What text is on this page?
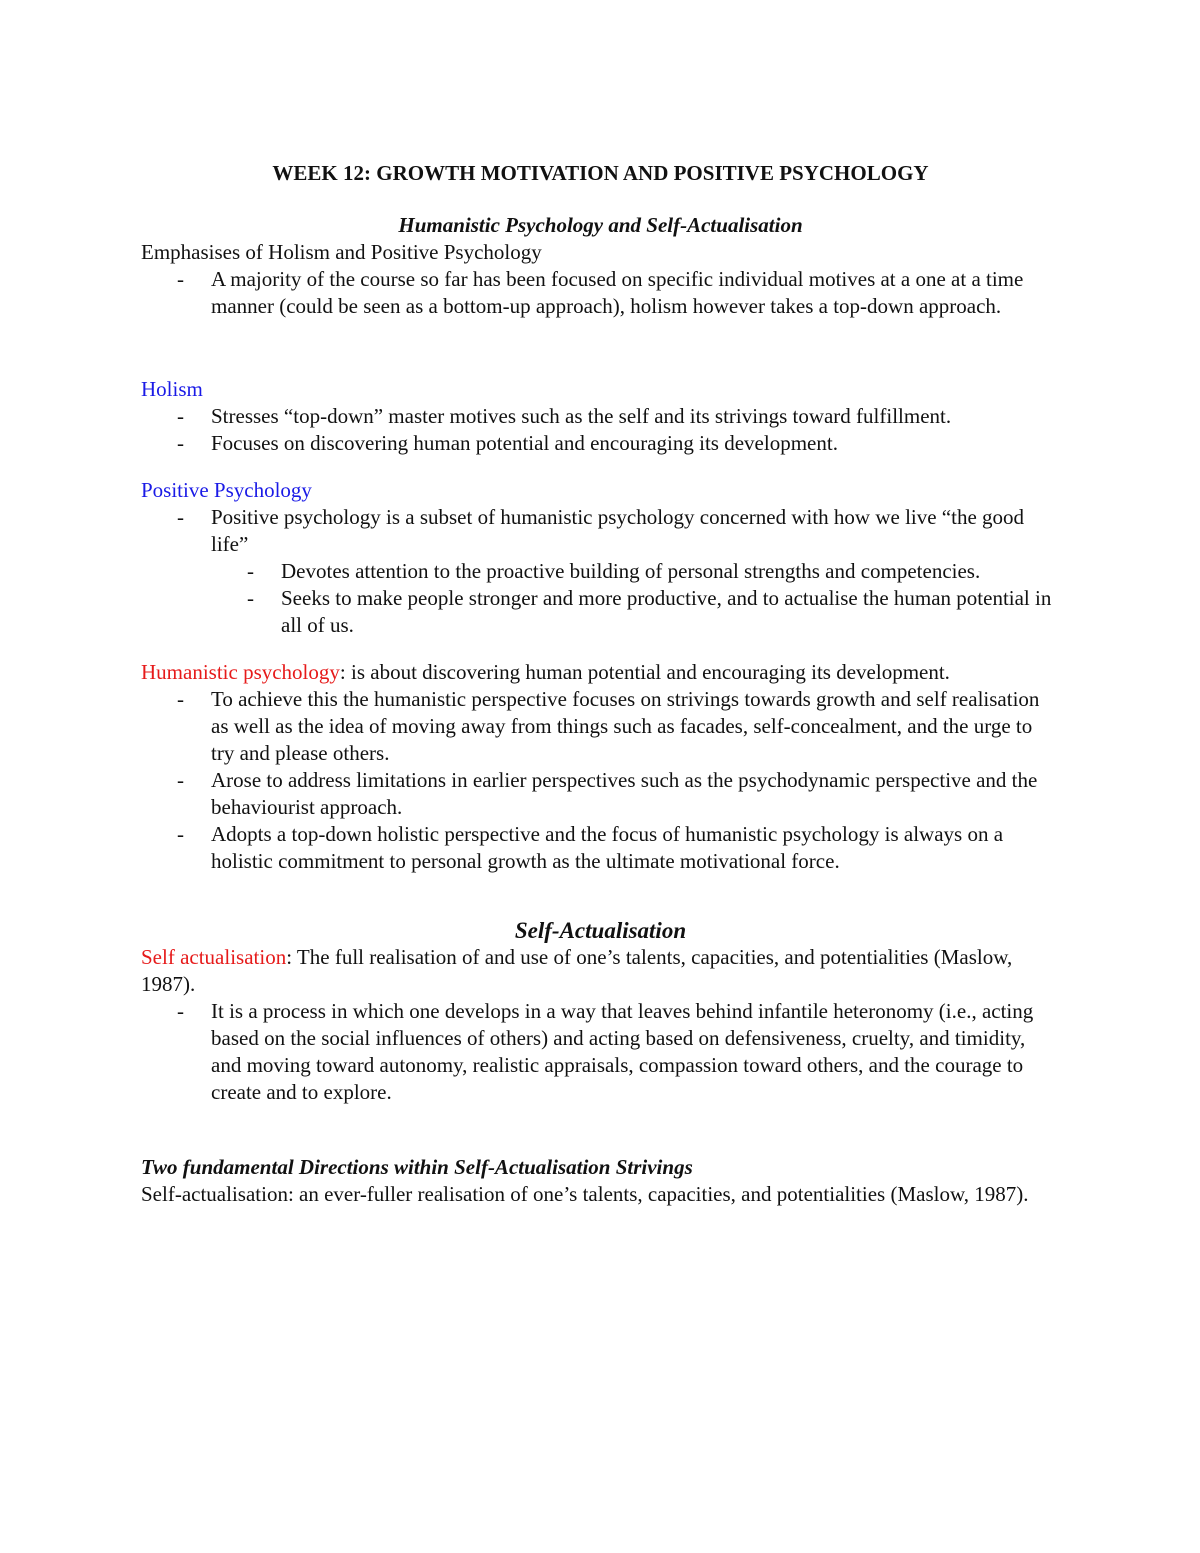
WEEK 12: GROWTH MOTIVATION AND POSITIVE PSYCHOLOGY

Humanistic Psychology and Self-Actualisation

Emphasises of Holism and Positive Psychology

- A majority of the course so far has been focused on specific individual motives at a one at a time manner (could be seen as a bottom-up approach), holism however takes a top-down approach.

Holism

- Stresses “top-down” master motives such as the self and its strivings toward fulfillment.
- Focuses on discovering human potential and encouraging its development.

Positive Psychology

- Positive psychology is a subset of humanistic psychology concerned with how we live “the good life”
- Devotes attention to the proactive building of personal strengths and competencies.
- Seeks to make people stronger and more productive, and to actualise the human potential in all of us.

Humanistic psychology: is about discovering human potential and encouraging its development.

- To achieve this the humanistic perspective focuses on strivings towards growth and self realisation as well as the idea of moving away from things such as facades, self-concealment, and the urge to try and please others.
- Arose to address limitations in earlier perspectives such as the psychodynamic perspective and the behaviourist approach.
- Adopts a top-down holistic perspective and the focus of humanistic psychology is always on a holistic commitment to personal growth as the ultimate motivational force.

Self-Actualisation

Self actualisation: The full realisation of and use of one’s talents, capacities, and potentialities (Maslow, 1987).

- It is a process in which one develops in a way that leaves behind infantile heteronomy (i.e., acting based on the social influences of others) and acting based on defensiveness, cruelty, and timidity, and moving toward autonomy, realistic appraisals, compassion toward others, and the courage to create and to explore.

Two fundamental Directions within Self-Actualisation Strivings

Self-actualisation: an ever-fuller realisation of one’s talents, capacities, and potentialities (Maslow, 1987).
